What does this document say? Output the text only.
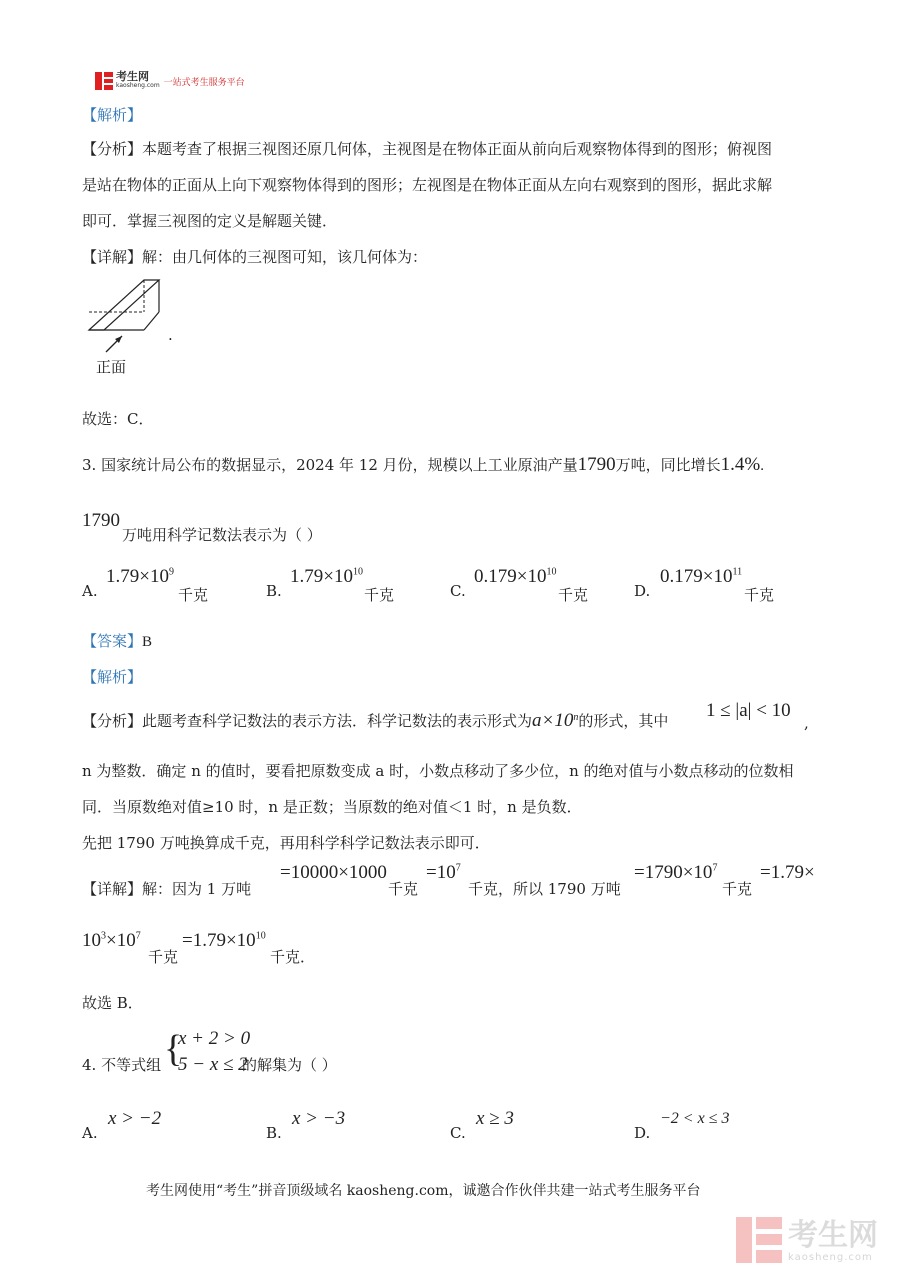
考生网
kaosheng.com 一站式考生服务平台
【解析】
【分析】本题考查了根据三视图还原几何体，主视图是在物体正面从前向后观察物体得到的图形；俯视图
是站在物体的正面从上向下观察物体得到的图形；左视图是在物体正面从左向右观察到的图形，据此求解
即可．掌握三视图的定义是解题关键．
【详解】解：由几何体的三视图可知，该几何体为：
正面
.
故选：C．
3. 国家统计局公布的数据显示，2024 年 12 月份，规模以上工业原油产量1790万吨，同比增长1.4%.
1790
万吨用科学记数法表示为（ ）
A.
$1.79\times 10^9$
千克	B.
$1.79\times 10^{10}$
千克	C.
$0.179\times 10^{10}$
千克	D.
$0.179\times 10^{11}$
千克
【答案】B
【解析】
【分析】此题考查科学记数法的表示方法．科学记数法的表示形式为$a\times 10^n$的形式，其中 1 ≤ |a| < 10
,
n 为整数．确定 n 的值时，要看把原数变成 a 时，小数点移动了多少位，n 的绝对值与小数点移动的位数相
同．当原数绝对值≥10 时，n 是正数；当原数的绝对值＜1 时，n 是负数．
先把 1790 万吨换算成千克，再用科学科学记数法表示即可．
【详解】解：因为 1 万吨
=10000×1000
千克
$=10^7$
千克，所以 1790 万吨
$=1790\times 10^7$
千克
=1.79×
$10^3\times 10^7$
千克
$=1.79\times 10^{10}$
千克．
故选 B．
4. 不等式组 {
x + 2 > 0
5 − x ≤ 2
的解集为（ ）
A.
x > −2
B.
x > −3
C.
x ≥ 3
D.
−2 < x ≤ 3
考生网使用“考生”拼音顶级域名 kaosheng.com，诚邀合作伙伴共建一站式考生服务平台
考生网
kaosheng.com
